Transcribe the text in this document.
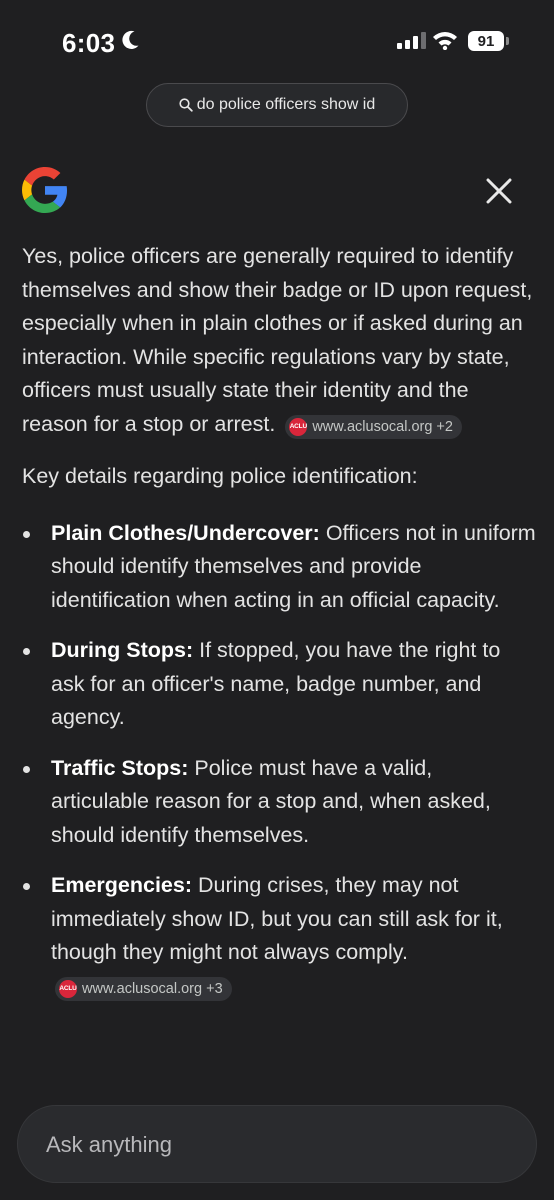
6:03	91
do police officers show id

Yes, police officers are generally required to identify themselves and show their badge or ID upon request, especially when in plain clothes or if asked during an interaction. While specific regulations vary by state, officers must usually state their identity and the reason for a stop or arrest. ACLU www.aclusocal.org +2

Key details regarding police identification:

Plain Clothes/Undercover: Officers not in uniform should identify themselves and provide identification when acting in an official capacity.
During Stops: If stopped, you have the right to ask for an officer's name, badge number, and agency.
Traffic Stops: Police must have a valid, articulable reason for a stop and, when asked, should identify themselves.
Emergencies: During crises, they may not immediately show ID, but you can still ask for it, though they might not always comply.
ACLU www.aclusocal.org +3
Ask anything
